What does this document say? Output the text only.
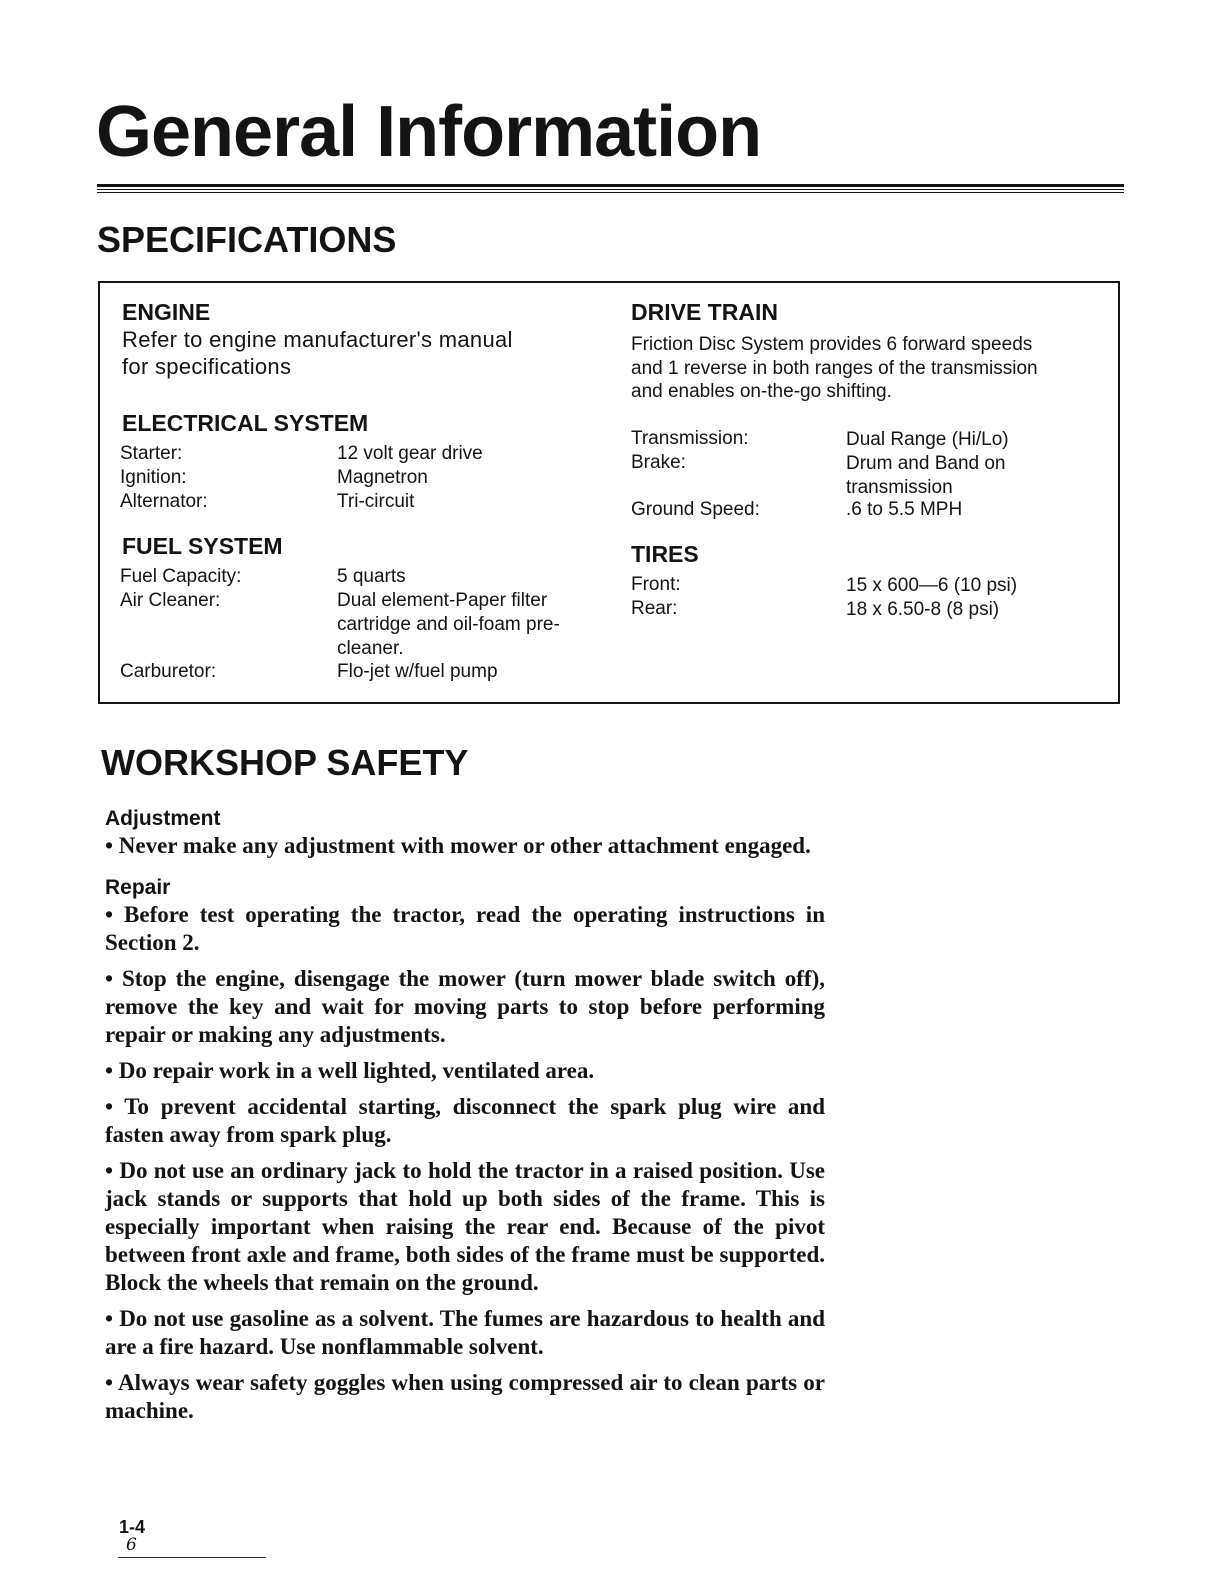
General Information
SPECIFICATIONS
ENGINE
Refer to engine manufacturer's manual
for specifications
ELECTRICAL SYSTEM
Starter:	12 volt gear drive
Ignition:	Magnetron
Alternator:	Tri-circuit
FUEL SYSTEM
Fuel Capacity:	5 quarts
Air Cleaner:	Dual element-Paper filter cartridge and oil-foam pre-cleaner.
Carburetor:	Flo-jet w/fuel pump
DRIVE TRAIN
Friction Disc System provides 6 forward speeds
and 1 reverse in both ranges of the transmission
and enables on-the-go shifting.
Transmission:	Dual Range (Hi/Lo)
Brake:	Drum and Band on transmission
Ground Speed:	.6 to 5.5 MPH
TIRES
Front:	15 x 600—6 (10 psi)
Rear:	18 x 6.50-8 (8 psi)
WORKSHOP SAFETY
Adjustment

• Never make any adjustment with mower or other attachment engaged.

Repair

• Before test operating the tractor, read the operating instructions in Section 2.

• Stop the engine, disengage the mower (turn mower blade switch off), remove the key and wait for moving parts to stop before performing repair or making any adjustments.

• Do repair work in a well lighted, ventilated area.

• To prevent accidental starting, disconnect the spark plug wire and fasten away from spark plug.

• Do not use an ordinary jack to hold the tractor in a raised position. Use jack stands or supports that hold up both sides of the frame. This is especially important when raising the rear end. Because of the pivot between front axle and frame, both sides of the frame must be supported. Block the wheels that remain on the ground.

• Do not use gasoline as a solvent. The fumes are hazardous to health and are a fire hazard. Use nonflammable solvent.

• Always wear safety goggles when using compressed air to clean parts or machine.

1-4
6
